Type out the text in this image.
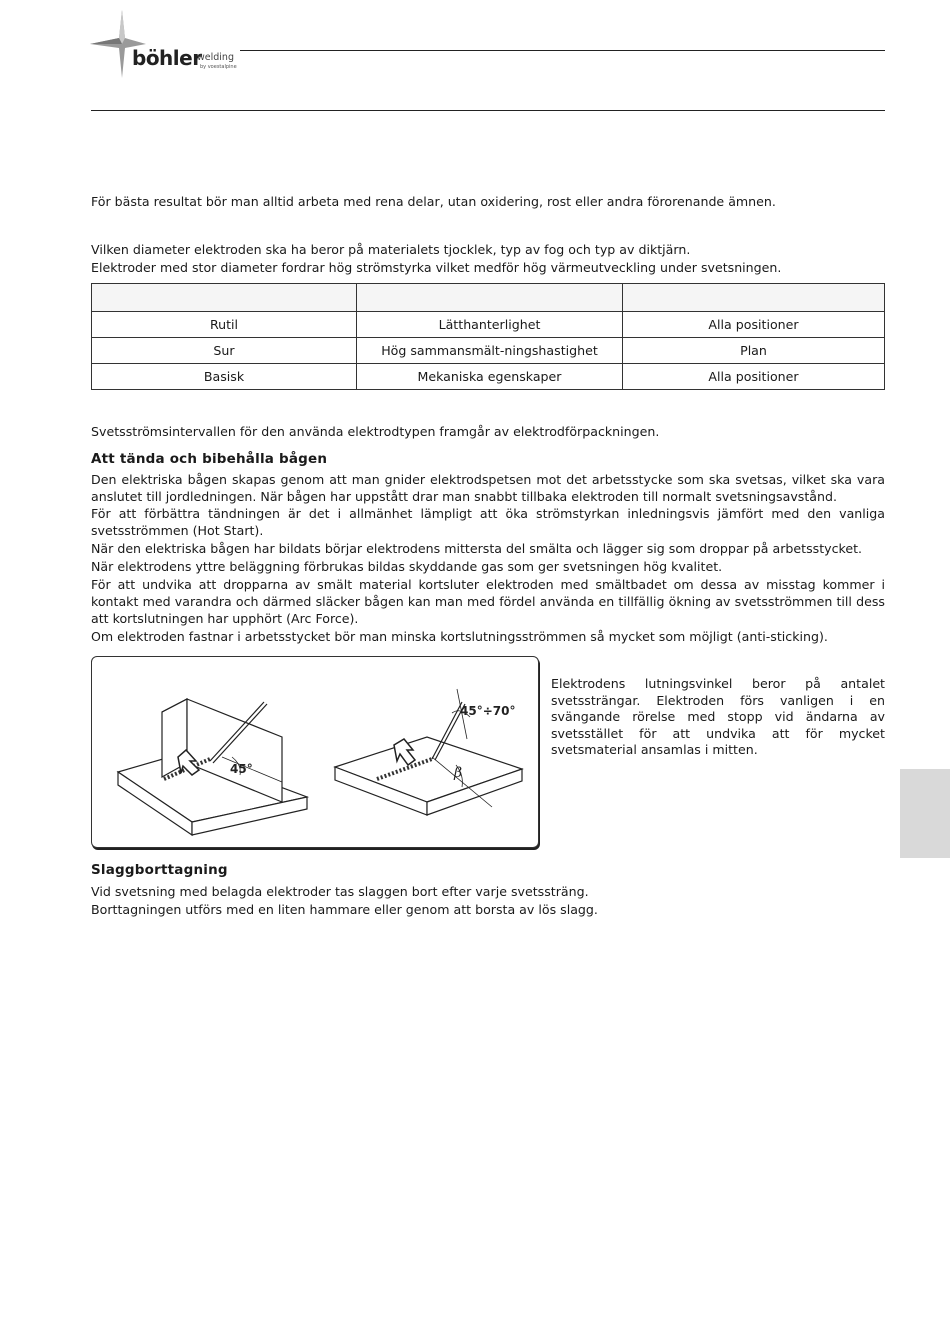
böhler
welding
by voestalpine

För bästa resultat bör man alltid arbeta med rena delar, utan oxidering, rost eller andra förorenande ämnen.

Vilken diameter elektroden ska ha beror på materialets tjocklek, typ av fog och typ av diktjärn.

Elektroder med stor diameter fordrar hög strömstyrka vilket medför hög värmeutveckling under svetsningen.

Rutil	Lätthanterlighet	Alla positioner
Sur	Hög sammansmält-ningshastighet	Plan
Basisk	Mekaniska egenskaper	Alla positioner

Svetsströmsintervallen för den använda elektrodtypen framgår av elektrodförpackningen.

Att tända och bibehålla bågen

Den elektriska bågen skapas genom att man gnider elektrodspetsen mot det arbetsstycke som ska svetsas, vilket ska vara anslutet till jordledningen. När bågen har uppstått drar man snabbt tillbaka elektroden till normalt svetsningsavstånd.

För att förbättra tändningen är det i allmänhet lämpligt att öka strömstyrkan inledningsvis jämfört med den vanliga svetsströmmen (Hot Start).

När den elektriska bågen har bildats börjar elektrodens mittersta del smälta och lägger sig som droppar på arbetsstycket.

När elektrodens yttre beläggning förbrukas bildas skyddande gas som ger svetsningen hög kvalitet.

För att undvika att dropparna av smält material kortsluter elektroden med smältbadet om dessa av misstag kommer i kontakt med varandra och därmed släcker bågen kan man med fördel använda en tillfällig ökning av svetsströmmen till dess att kortslutningen har upphört (Arc Force).

Om elektroden fastnar i arbetsstycket bör man minska kortslutningsströmmen så mycket som möjligt (anti-sticking).

45°
45°÷70°
β

Elektrodens lutningsvinkel beror på antalet svetssträngar. Elektroden förs vanligen i en svängande rörelse med stopp vid ändarna av svetsstället för att undvika att för mycket svetsmaterial ansamlas i mitten.

Slaggborttagning

Vid svetsning med belagda elektroder tas slaggen bort efter varje svetssträng.

Borttagningen utförs med en liten hammare eller genom att borsta av lös slagg.
